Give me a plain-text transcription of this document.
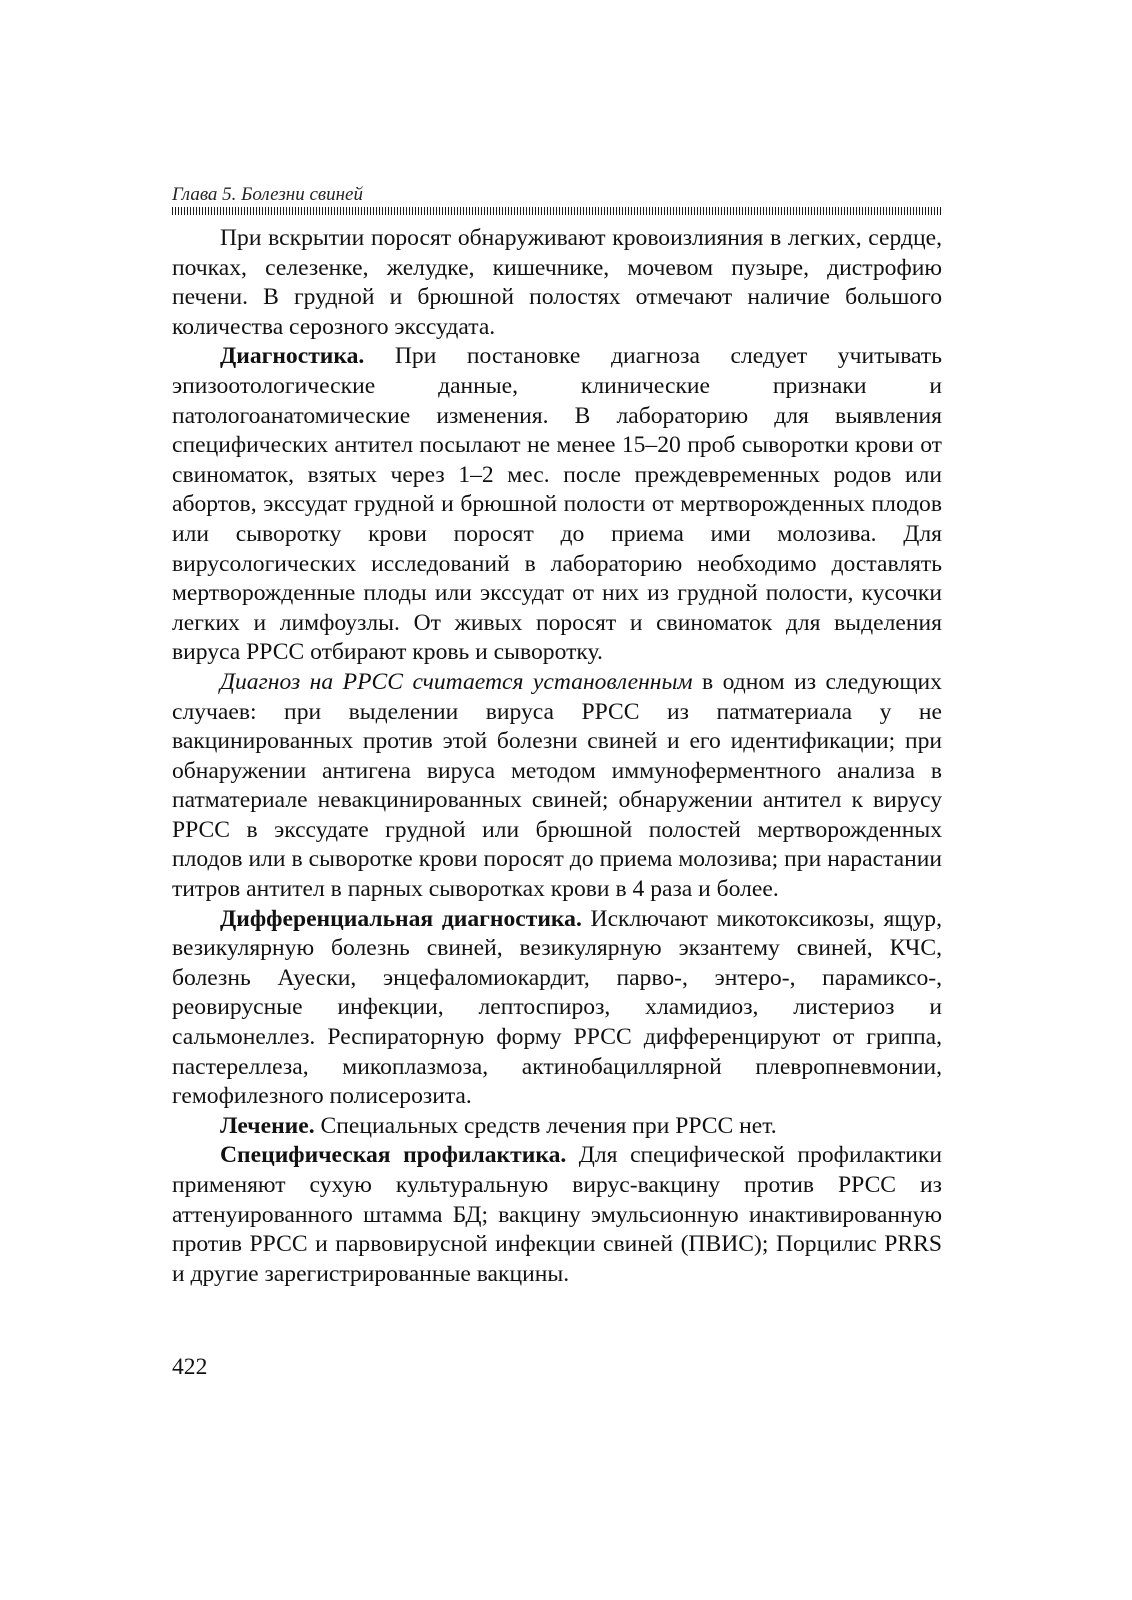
Глава 5. Болезни свиней

При вскрытии поросят обнаруживают кровоизлияния в легких, сердце, почках, селезенке, желудке, кишечнике, мочевом пузыре, дистрофию печени. В грудной и брюшной полостях отмечают наличие большого количества серозного экссудата.

Диагностика. При постановке диагноза следует учитывать эпизоотологические данные, клинические признаки и патологоанатомические изменения. В лабораторию для выявления специфических антител посылают не менее 15–20 проб сыворотки крови от свиноматок, взятых через 1–2 мес. после преждевременных родов или абортов, экссудат грудной и брюшной полости от мертворожденных плодов или сыворотку крови поросят до приема ими молозива. Для вирусологических исследований в лабораторию необходимо доставлять мертворожденные плоды или экссудат от них из грудной полости, кусочки легких и лимфоузлы. От живых поросят и свиноматок для выделения вируса РРСС отбирают кровь и сыворотку.

Диагноз на РРСС считается установленным в одном из следующих случаев: при выделении вируса РРСС из патматериала у не вакцинированных против этой болезни свиней и его идентификации; при обнаружении антигена вируса методом иммуноферментного анализа в патматериале невакцинированных свиней; обнаружении антител к вирусу РРСС в экссудате грудной или брюшной полостей мертворожденных плодов или в сыворотке крови поросят до приема молозива; при нарастании титров антител в парных сыворотках крови в 4 раза и более.

Дифференциальная диагностика. Исключают микотоксикозы, ящур, везикулярную болезнь свиней, везикулярную экзантему свиней, КЧС, болезнь Ауески, энцефаломиокардит, парво-, энтеро-, парамиксо-, реовирусные инфекции, лептоспироз, хламидиоз, листериоз и сальмонеллез. Респираторную форму РРСС дифференцируют от гриппа, пастереллеза, микоплазмоза, актинобациллярной плевропневмонии, гемофилезного полисерозита.

Лечение. Специальных средств лечения при РРСС нет.

Специфическая профилактика. Для специфической профилактики применяют сухую культуральную вирус-вакцину против РРСС из аттенуированного штамма БД; вакцину эмульсионную инактивированную против РРСС и парвовирусной инфекции свиней (ПВИС); Порцилис PRRS и другие зарегистрированные вакцины.

422
